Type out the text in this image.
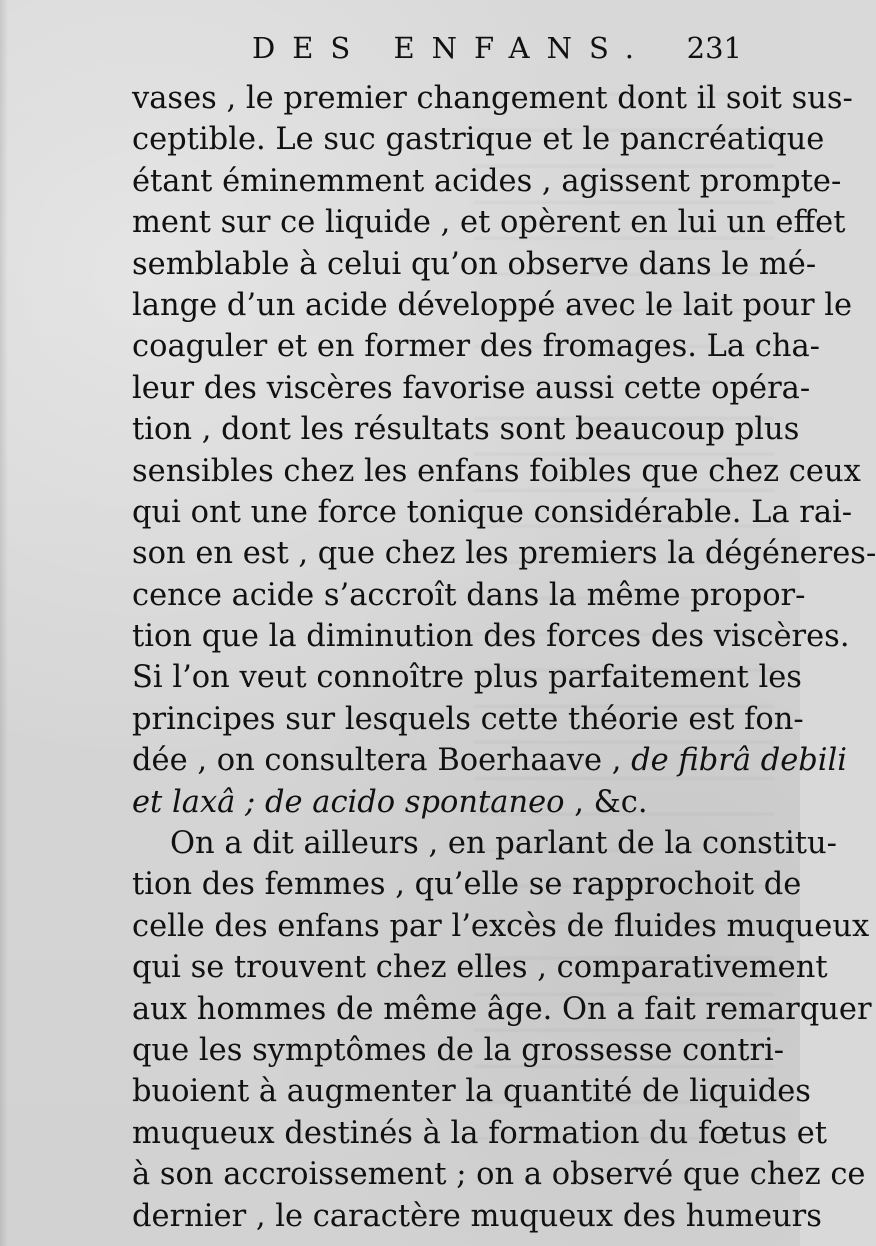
DES ENFANS. 231
vases , le premier changement dont il soit sus-
ceptible. Le suc gastrique et le pancréatique
étant éminemment acides , agissent prompte-
ment sur ce liquide , et opèrent en lui un effet
semblable à celui qu’on observe dans le mé-
lange d’un acide développé avec le lait pour le
coaguler et en former des fromages. La cha-
leur des viscères favorise aussi cette opéra-
tion , dont les résultats sont beaucoup plus
sensibles chez les enfans foibles que chez ceux
qui ont une force tonique considérable. La rai-
son en est , que chez les premiers la dégéneres-
cence acide s’accroît dans la même propor-
tion que la diminution des forces des viscères.
Si l’on veut connoître plus parfaitement les
principes sur lesquels cette théorie est fon-
dée , on consultera Boerhaave , de fibrâ debili
et laxâ ; de acido spontaneo , &c.
On a dit ailleurs , en parlant de la constitu-
tion des femmes , qu’elle se rapprochoit de
celle des enfans par l’excès de fluides muqueux
qui se trouvent chez elles , comparativement
aux hommes de même âge. On a fait remarquer
que les symptômes de la grossesse contri-
buoient à augmenter la quantité de liquides
muqueux destinés à la formation du fœtus et
à son accroissement ; on a observé que chez ce
dernier , le caractère muqueux des humeurs
